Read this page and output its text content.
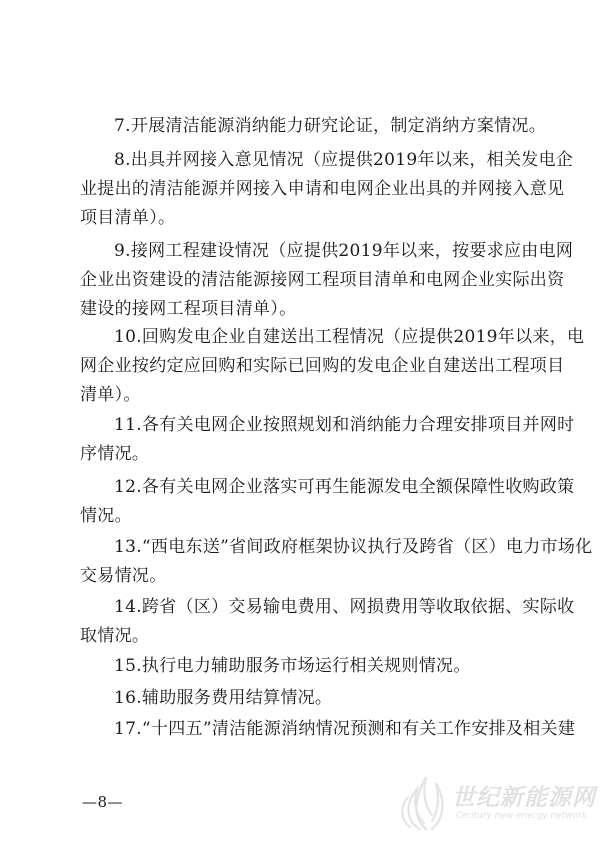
7.开展清洁能源消纳能力研究论证，制定消纳方案情况。
8.出具并网接入意见情况（应提供2019年以来，相关发电企
业提出的清洁能源并网接入申请和电网企业出具的并网接入意见
项目清单）。
9.接网工程建设情况（应提供2019年以来，按要求应由电网
企业出资建设的清洁能源接网工程项目清单和电网企业实际出资
建设的接网工程项目清单）。
10.回购发电企业自建送出工程情况（应提供2019年以来，电
网企业按约定应回购和实际已回购的发电企业自建送出工程项目
清单）。
11.各有关电网企业按照规划和消纳能力合理安排项目并网时
序情况。
12.各有关电网企业落实可再生能源发电全额保障性收购政策
情况。
13.“西电东送”省间政府框架协议执行及跨省（区）电力市场化
交易情况。
14.跨省（区）交易输电费用、网损费用等收取依据、实际收
取情况。
15.执行电力辅助服务市场运行相关规则情况。
16.辅助服务费用结算情况。
17.“十四五”清洁能源消纳情况预测和有关工作安排及相关建
—8—	世纪新能源网
Century new energy network
